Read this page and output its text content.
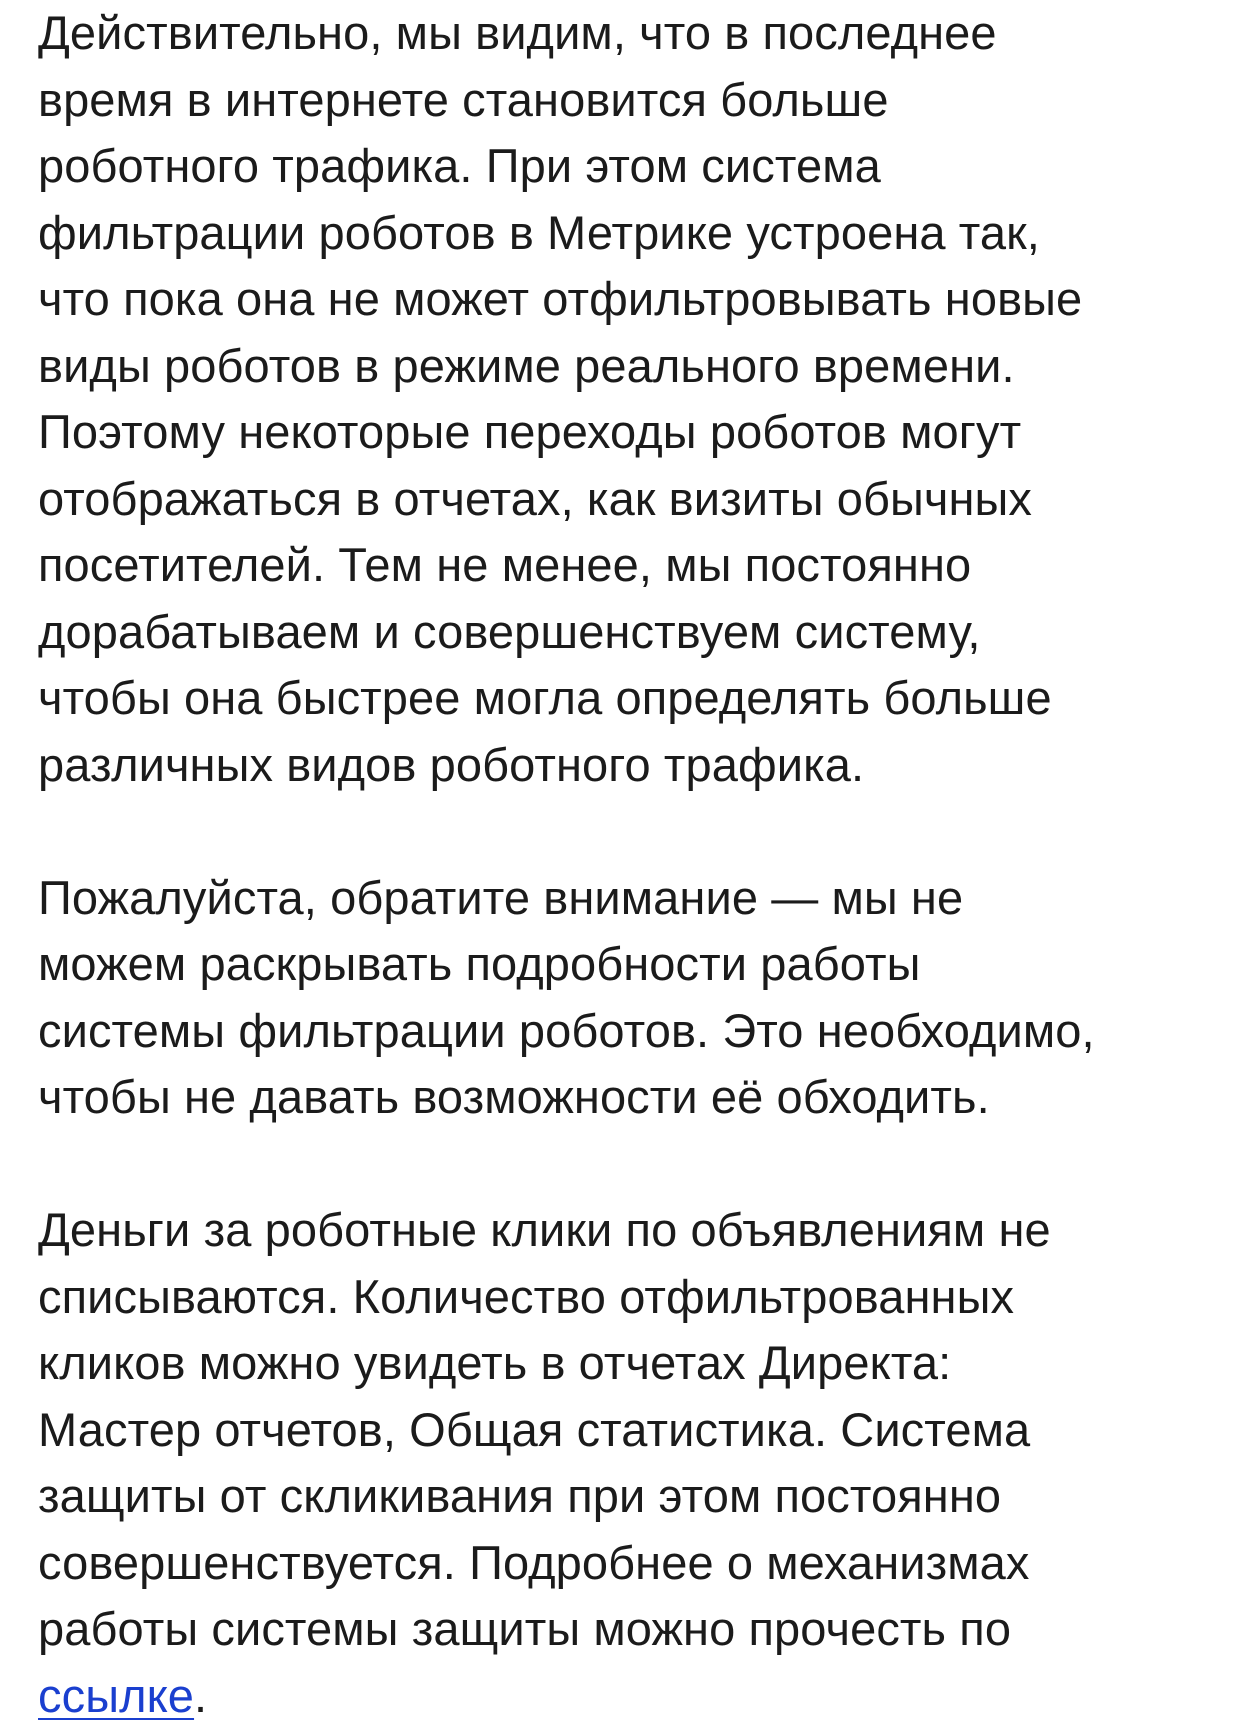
Действительно, мы видим, что в последнее
время в интернете становится больше
роботного трафика. При этом система
фильтрации роботов в Метрике устроена так,
что пока она не может отфильтровывать новые
виды роботов в режиме реального времени.
Поэтому некоторые переходы роботов могут
отображаться в отчетах, как визиты обычных
посетителей. Тем не менее, мы постоянно
дорабатываем и совершенствуем систему,
чтобы она быстрее могла определять больше
различных видов роботного трафика.

Пожалуйста, обратите внимание — мы не
можем раскрывать подробности работы
системы фильтрации роботов. Это необходимо,
чтобы не давать возможности её обходить.

Деньги за роботные клики по объявлениям не
списываются. Количество отфильтрованных
кликов можно увидеть в отчетах Директа:
Мастер отчетов, Общая статистика. Система
защиты от скликивания при этом постоянно
совершенствуется. Подробнее о механизмах
работы системы защиты можно прочесть по
ссылке.
